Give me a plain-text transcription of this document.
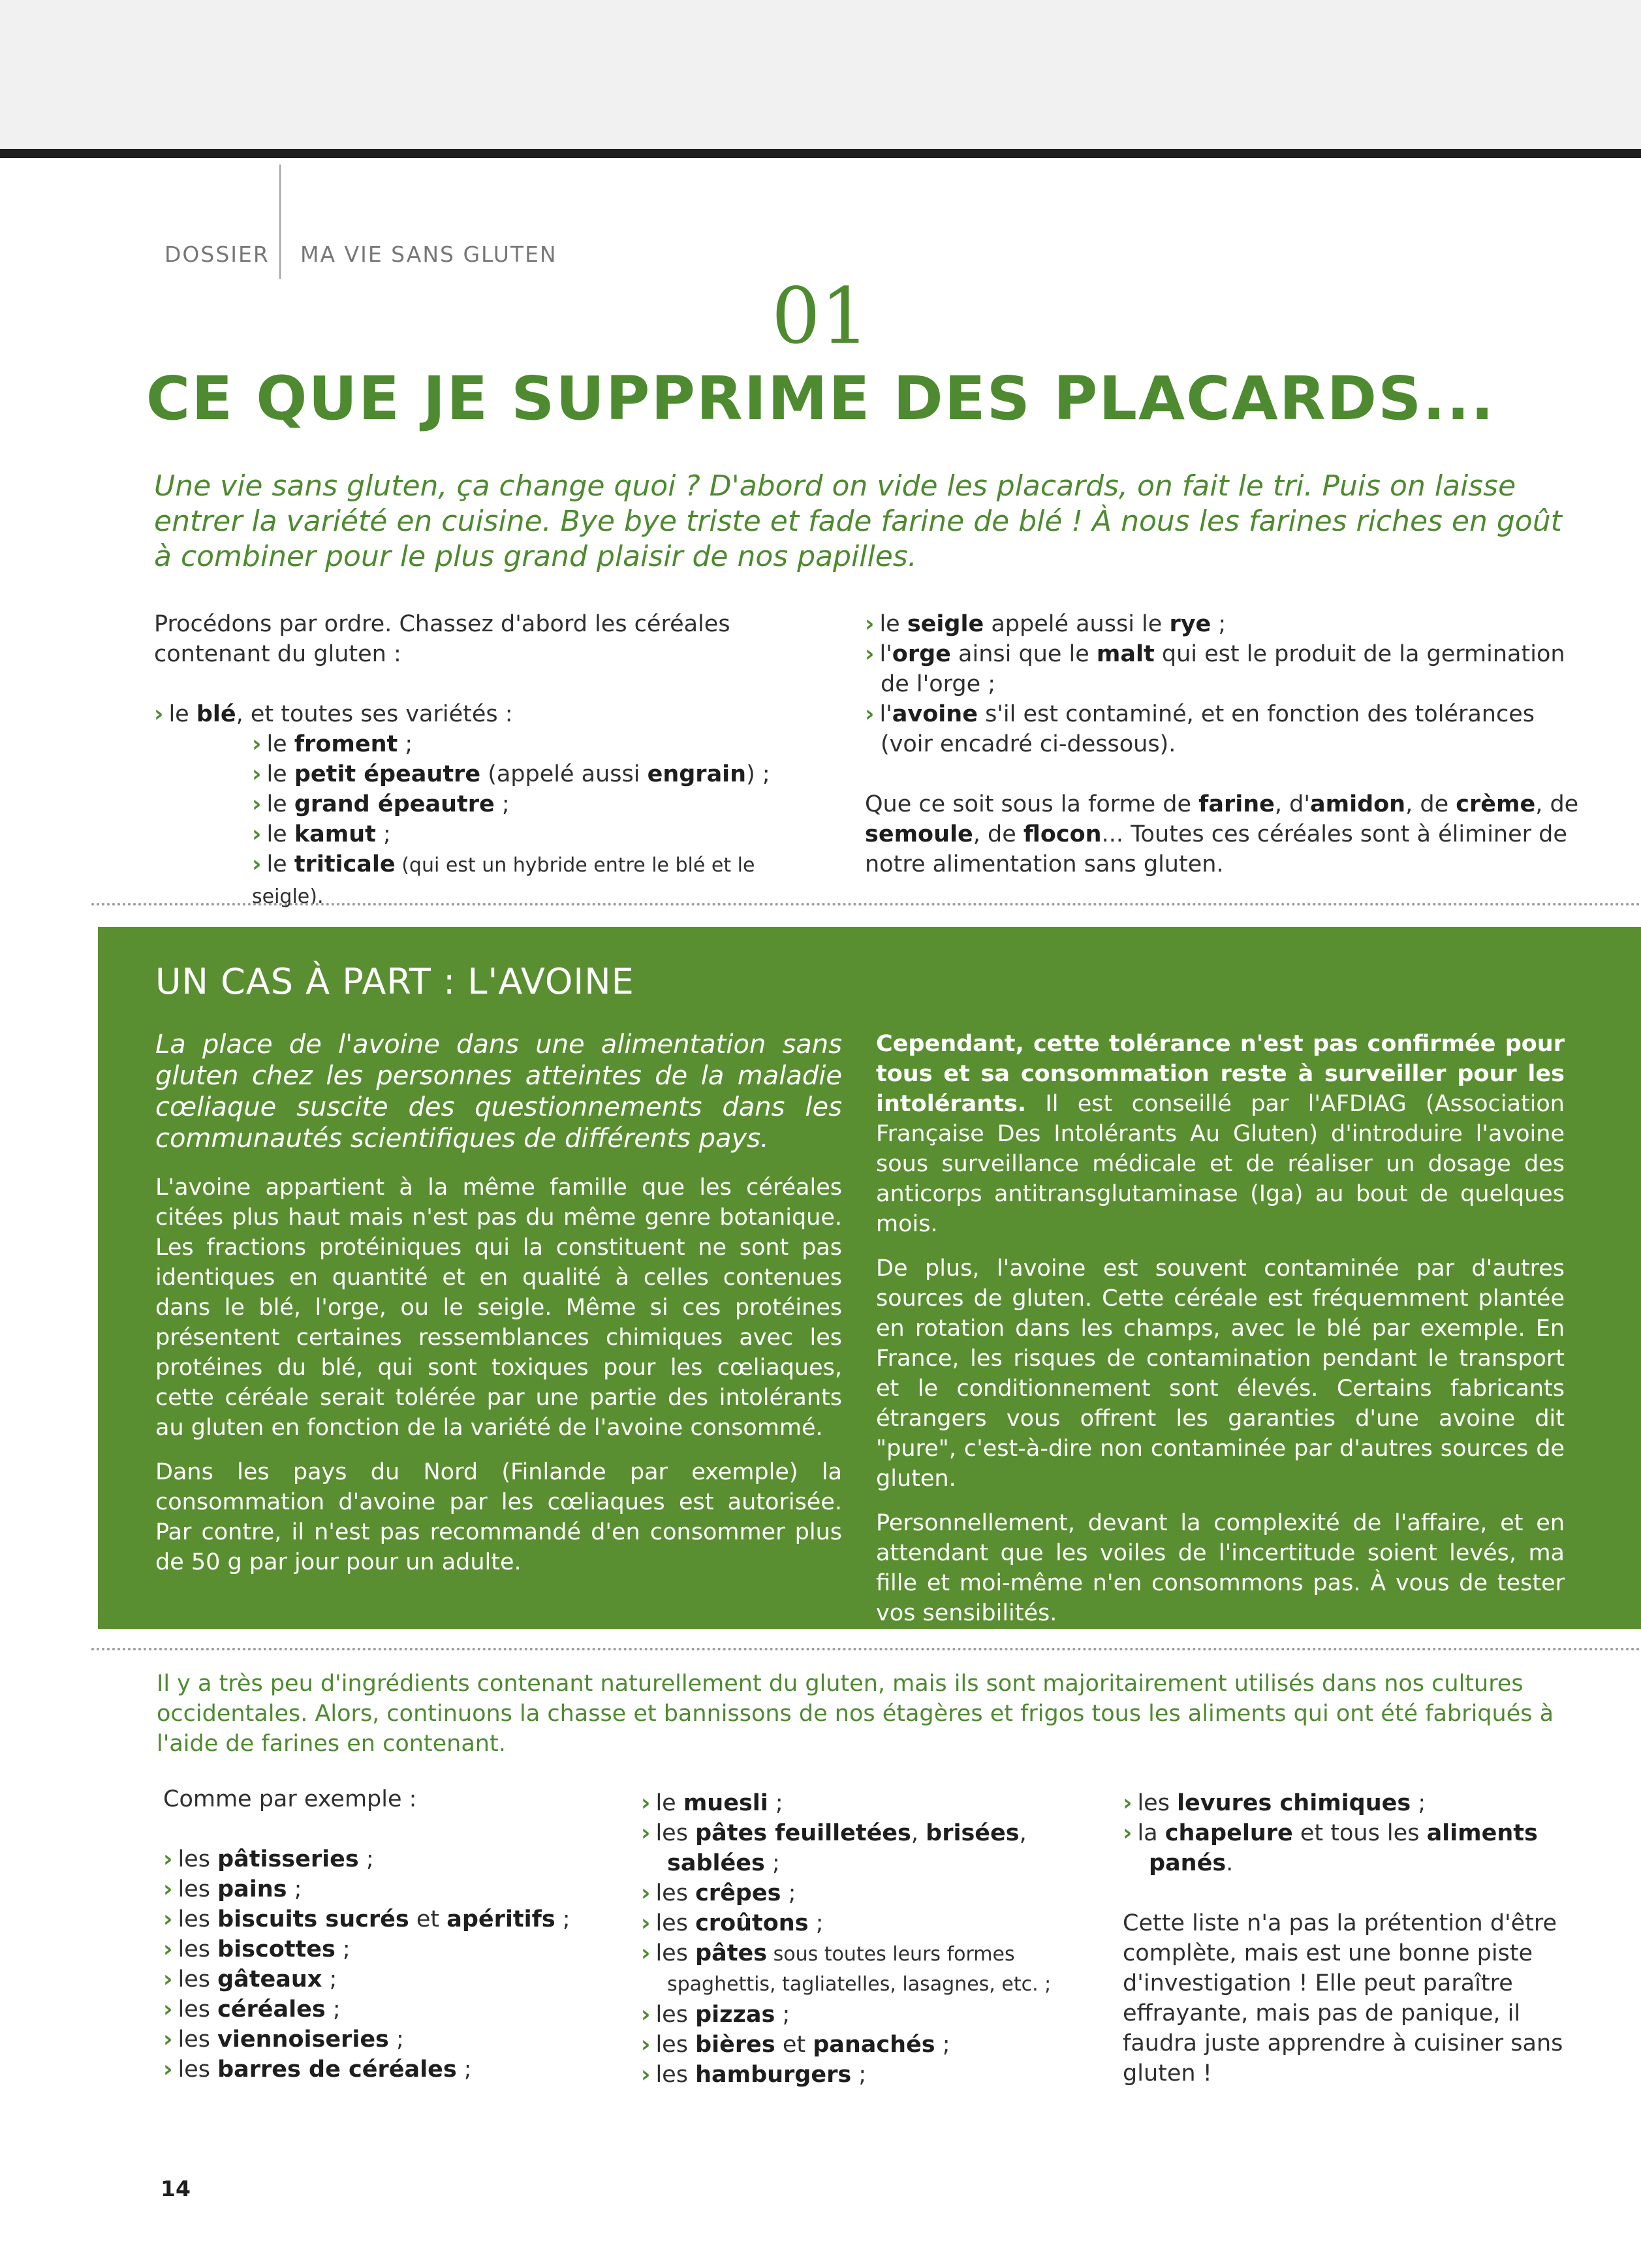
DOSSIER MA VIE SANS GLUTEN
01
CE QUE JE SUPPRIME DES PLACARDS...
Une vie sans gluten, ça change quoi ? D'abord on vide les placards, on fait le tri. Puis on laisse entrer la variété en cuisine. Bye bye triste et fade farine de blé ! À nous les farines riches en goût à combiner pour le plus grand plaisir de nos papilles.

Procédons par ordre. Chassez d'abord les céréales contenant du gluten :

› le blé, et toutes ses variétés :

› le froment ;

› le petit épeautre (appelé aussi engrain) ;

› le grand épeautre ;

› le kamut ;

› le triticale (qui est un hybride entre le blé et le seigle).

› le seigle appelé aussi le rye ;

› l'orge ainsi que le malt qui est le produit de la germination

de l'orge ;

› l'avoine s'il est contaminé, et en fonction des tolérances

(voir encadré ci-dessous).

Que ce soit sous la forme de farine, d'amidon, de crème, de semoule, de flocon... Toutes ces céréales sont à éliminer de notre alimentation sans gluten.

UN CAS À PART : L'AVOINE

La place de l'avoine dans une alimentation sans gluten chez les personnes atteintes de la maladie cœliaque suscite des questionnements dans les communautés scientifiques de différents pays.

L'avoine appartient à la même famille que les céréales citées plus haut mais n'est pas du même genre botanique. Les fractions protéiniques qui la constituent ne sont pas identiques en quantité et en qualité à celles contenues dans le blé, l'orge, ou le seigle. Même si ces protéines présentent certaines ressemblances chimiques avec les protéines du blé, qui sont toxiques pour les cœliaques, cette céréale serait tolérée par une partie des intolérants au gluten en fonction de la variété de l'avoine consommé.

Dans les pays du Nord (Finlande par exemple) la consommation d'avoine par les cœliaques est autorisée. Par contre, il n'est pas recommandé d'en consommer plus de 50 g par jour pour un adulte.

Cependant, cette tolérance n'est pas confirmée pour tous et sa consommation reste à surveiller pour les intolérants. Il est conseillé par l'AFDIAG (Association Française Des Intolérants Au Gluten) d'introduire l'avoine sous surveillance médicale et de réaliser un dosage des anticorps antitransglutaminase (Iga) au bout de quelques mois.

De plus, l'avoine est souvent contaminée par d'autres sources de gluten. Cette céréale est fréquemment plantée en rotation dans les champs, avec le blé par exemple. En France, les risques de contamination pendant le transport et le conditionnement sont élevés. Certains fabricants étrangers vous offrent les garanties d'une avoine dit "pure", c'est-à-dire non contaminée par d'autres sources de gluten.

Personnellement, devant la complexité de l'affaire, et en attendant que les voiles de l'incertitude soient levés, ma fille et moi-même n'en consommons pas. À vous de tester vos sensibilités.

Il y a très peu d'ingrédients contenant naturellement du gluten, mais ils sont majoritairement utilisés dans nos cultures occidentales. Alors, continuons la chasse et bannissons de nos étagères et frigos tous les aliments qui ont été fabriqués à l'aide de farines en contenant.

Comme par exemple :

› les pâtisseries ;

› les pains ;

› les biscuits sucrés et apéritifs ;

› les biscottes ;

› les gâteaux ;

› les céréales ;

› les viennoiseries ;

› les barres de céréales ;

› le muesli ;

› les pâtes feuilletées, brisées,

sablées ;

› les crêpes ;

› les croûtons ;

› les pâtes sous toutes leurs formes

spaghettis, tagliatelles, lasagnes, etc. ;

› les pizzas ;

› les bières et panachés ;

› les hamburgers ;

› les levures chimiques ;

› la chapelure et tous les aliments

panés.

Cette liste n'a pas la prétention d'être complète, mais est une bonne piste d'investigation ! Elle peut paraître effrayante, mais pas de panique, il faudra juste apprendre à cuisiner sans gluten !

14
